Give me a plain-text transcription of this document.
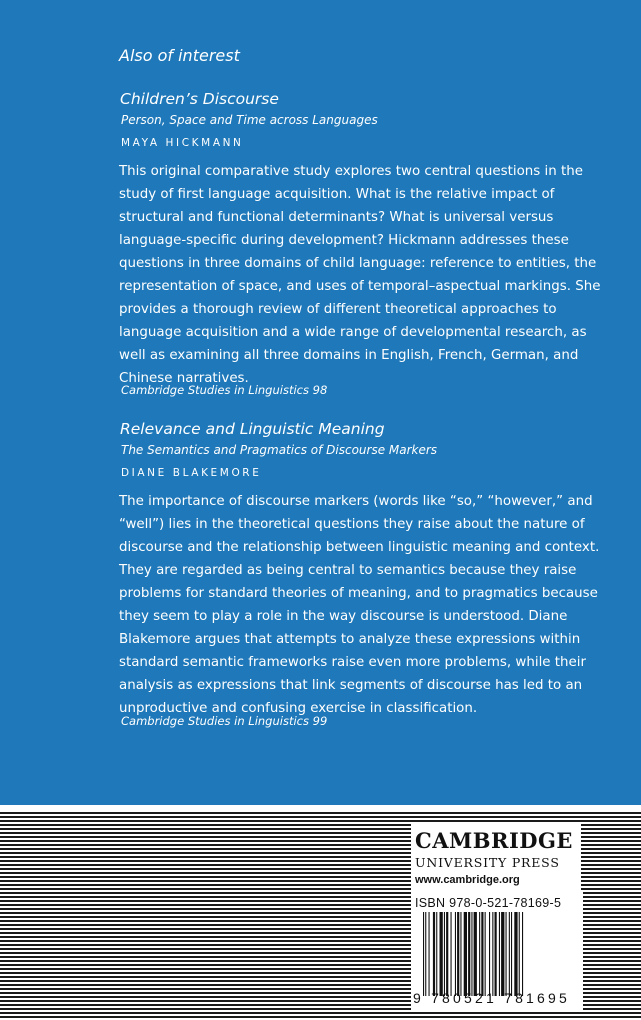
Also of interest
Children’s Discourse
Person, Space and Time across Languages
MAYA HICKMANN

This original comparative study explores two central questions in the study of first language acquisition. What is the relative impact of structural and functional determinants? What is universal versus language-specific during development? Hickmann addresses these questions in three domains of child language: reference to entities, the representation of space, and uses of temporal–aspectual markings. She provides a thorough review of different theoretical approaches to language acquisition and a wide range of developmental research, as well as examining all three domains in English, French, German, and Chinese narratives.

Cambridge Studies in Linguistics 98
Relevance and Linguistic Meaning
The Semantics and Pragmatics of Discourse Markers
DIANE BLAKEMORE

The importance of discourse markers (words like “so,” “however,” and “well”) lies in the theoretical questions they raise about the nature of discourse and the relationship between linguistic meaning and context. They are regarded as being central to semantics because they raise problems for standard theories of meaning, and to pragmatics because they seem to play a role in the way discourse is understood. Diane Blakemore argues that attempts to analyze these expressions within standard semantic frameworks raise even more problems, while their analysis as expressions that link segments of discourse has led to an unproductive and confusing exercise in classification.

Cambridge Studies in Linguistics 99
CAMBRIDGE
UNIVERSITY PRESS
www.cambridge.org
ISBN 978-0-521-78169-5
9 780521 781695
